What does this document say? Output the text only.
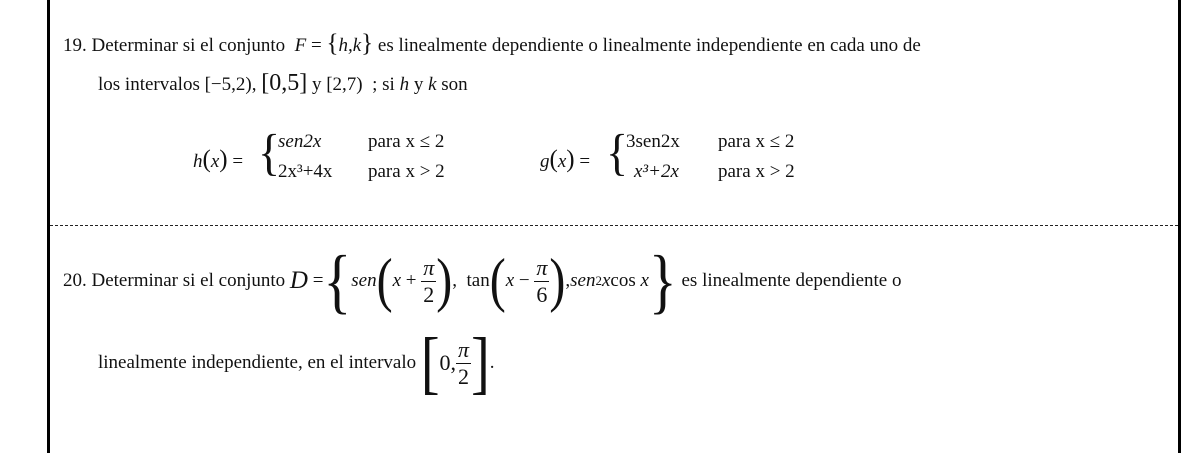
19. Determinar si el conjunto F = {h,k} es linealmente dependiente o linealmente independiente en cada uno de
los intervalos [−5,2), [0,5] y [2,7) ; si h y k son
h(x) = {
sen2x
2x³+4x
para x ≤ 2
para x > 2	g(x) = {
3sen2x
x³+2x
para x ≤ 2
para x > 2
20.
Determinar si el conjunto
D = { sen ( $x + \frac{\pi}{2}$ ) , tan ( $x - \frac{\pi}{6}$ ) , sen 2 x cos
x }
es linealmente dependiente o
linealmente independiente, en el intervalo
[ 0, $\frac{\pi}{2}$ ] .
